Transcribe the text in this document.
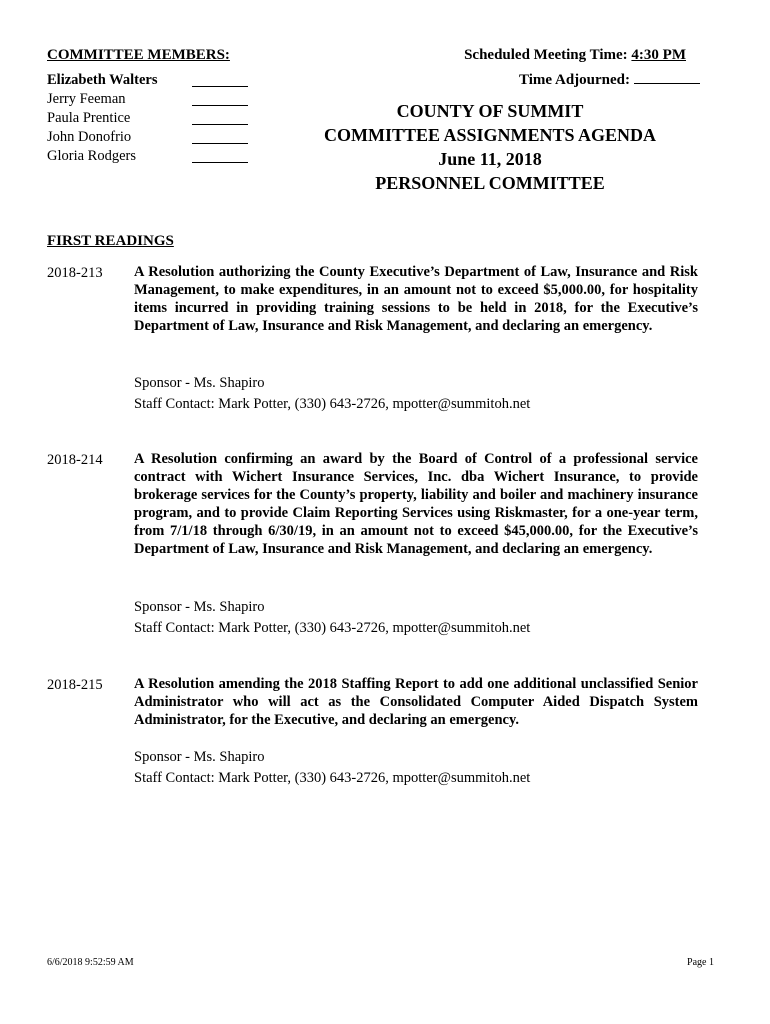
COMMITTEE MEMBERS:
Elizabeth Walters
Jerry Feeman
Paula Prentice
John Donofrio
Gloria Rodgers
Scheduled Meeting Time: 4:30 PM
Time Adjourned:
COUNTY OF SUMMIT
COMMITTEE ASSIGNMENTS AGENDA
June 11, 2018
PERSONNEL COMMITTEE
FIRST READINGS
2018-213 A Resolution authorizing the County Executive’s Department of Law, Insurance and Risk Management, to make expenditures, in an amount not to exceed $5,000.00, for hospitality items incurred in providing training sessions to be held in 2018, for the Executive’s Department of Law, Insurance and Risk Management, and declaring an emergency.
Sponsor - Ms. Shapiro
Staff Contact: Mark Potter, (330) 643-2726, mpotter@summitoh.net
2018-214 A Resolution confirming an award by the Board of Control of a professional service contract with Wichert Insurance Services, Inc. dba Wichert Insurance, to provide brokerage services for the County’s property, liability and boiler and machinery insurance program, and to provide Claim Reporting Services using Riskmaster, for a one-year term, from 7/1/18 through 6/30/19, in an amount not to exceed $45,000.00, for the Executive’s Department of Law, Insurance and Risk Management, and declaring an emergency.
Sponsor - Ms. Shapiro
Staff Contact: Mark Potter, (330) 643-2726, mpotter@summitoh.net
2018-215 A Resolution amending the 2018 Staffing Report to add one additional unclassified Senior Administrator who will act as the Consolidated Computer Aided Dispatch System Administrator, for the Executive, and declaring an emergency.
Sponsor - Ms. Shapiro
Staff Contact: Mark Potter, (330) 643-2726, mpotter@summitoh.net
6/6/2018 9:52:59 AM	Page 1
